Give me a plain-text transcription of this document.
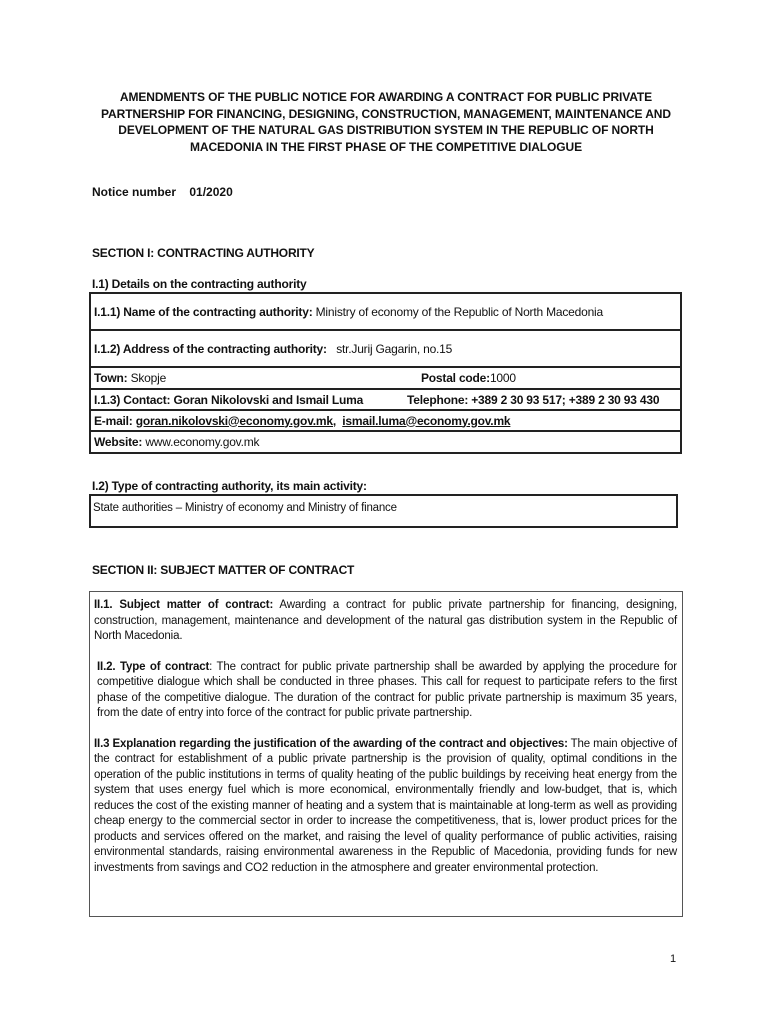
AMENDMENTS OF THE PUBLIC NOTICE FOR AWARDING A CONTRACT FOR PUBLIC PRIVATE PARTNERSHIP FOR FINANCING, DESIGNING, CONSTRUCTION, MANAGEMENT, MAINTENANCE AND DEVELOPMENT OF THE NATURAL GAS DISTRIBUTION SYSTEM IN THE REPUBLIC OF NORTH MACEDONIA IN THE FIRST PHASE OF THE COMPETITIVE DIALOGUE
Notice number 01/2020
SECTION I: CONTRACTING AUTHORITY
I.1) Details on the contracting authority
I.1.1) Name of the contracting authority:
Ministry of economy of the Republic of North Macedonia
I.1.2) Address of the contracting authority:
str.Jurij Gagarin, no.15
Town:
Skopje	Postal code:1000
I.1.3) Contact: Goran Nikolovski and Ismail Luma	Telephone: +389 2 30 93 517; +389 2 30 93 430
E-mail:
goran.nikolovski@economy.gov.mk,
ismail.luma@economy.gov.mk
Website:
www.economy.gov.mk
I.2) Type of contracting authority, its main activity:
State authorities – Ministry of economy and Ministry of finance
SECTION II: SUBJECT MATTER OF CONTRACT

II.1. Subject matter of contract: Awarding a contract for public private partnership for financing, designing, construction, management, maintenance and development of the natural gas distribution system in the Republic of North Macedonia.

II.2. Type of contract: The contract for public private partnership shall be awarded by applying the procedure for competitive dialogue which shall be conducted in three phases. This call for request to participate refers to the first phase of the competitive dialogue. The duration of the contract for public private partnership is maximum 35 years, from the date of entry into force of the contract for public private partnership.

II.3 Explanation regarding the justification of the awarding of the contract and objectives: The main objective of the contract for establishment of a public private partnership is the provision of quality, optimal conditions in the operation of the public institutions in terms of quality heating of the public buildings by receiving heat energy from the system that uses energy fuel which is more economical, environmentally friendly and low-budget, that is, which reduces the cost of the existing manner of heating and a system that is maintainable at long-term as well as providing cheap energy to the commercial sector in order to increase the competitiveness, that is, lower product prices for the products and services offered on the market, and raising the level of quality performance of public activities, raising environmental standards, raising environmental awareness in the Republic of Macedonia, providing funds for new investments from savings and CO2 reduction in the atmosphere and greater environmental protection.

1
